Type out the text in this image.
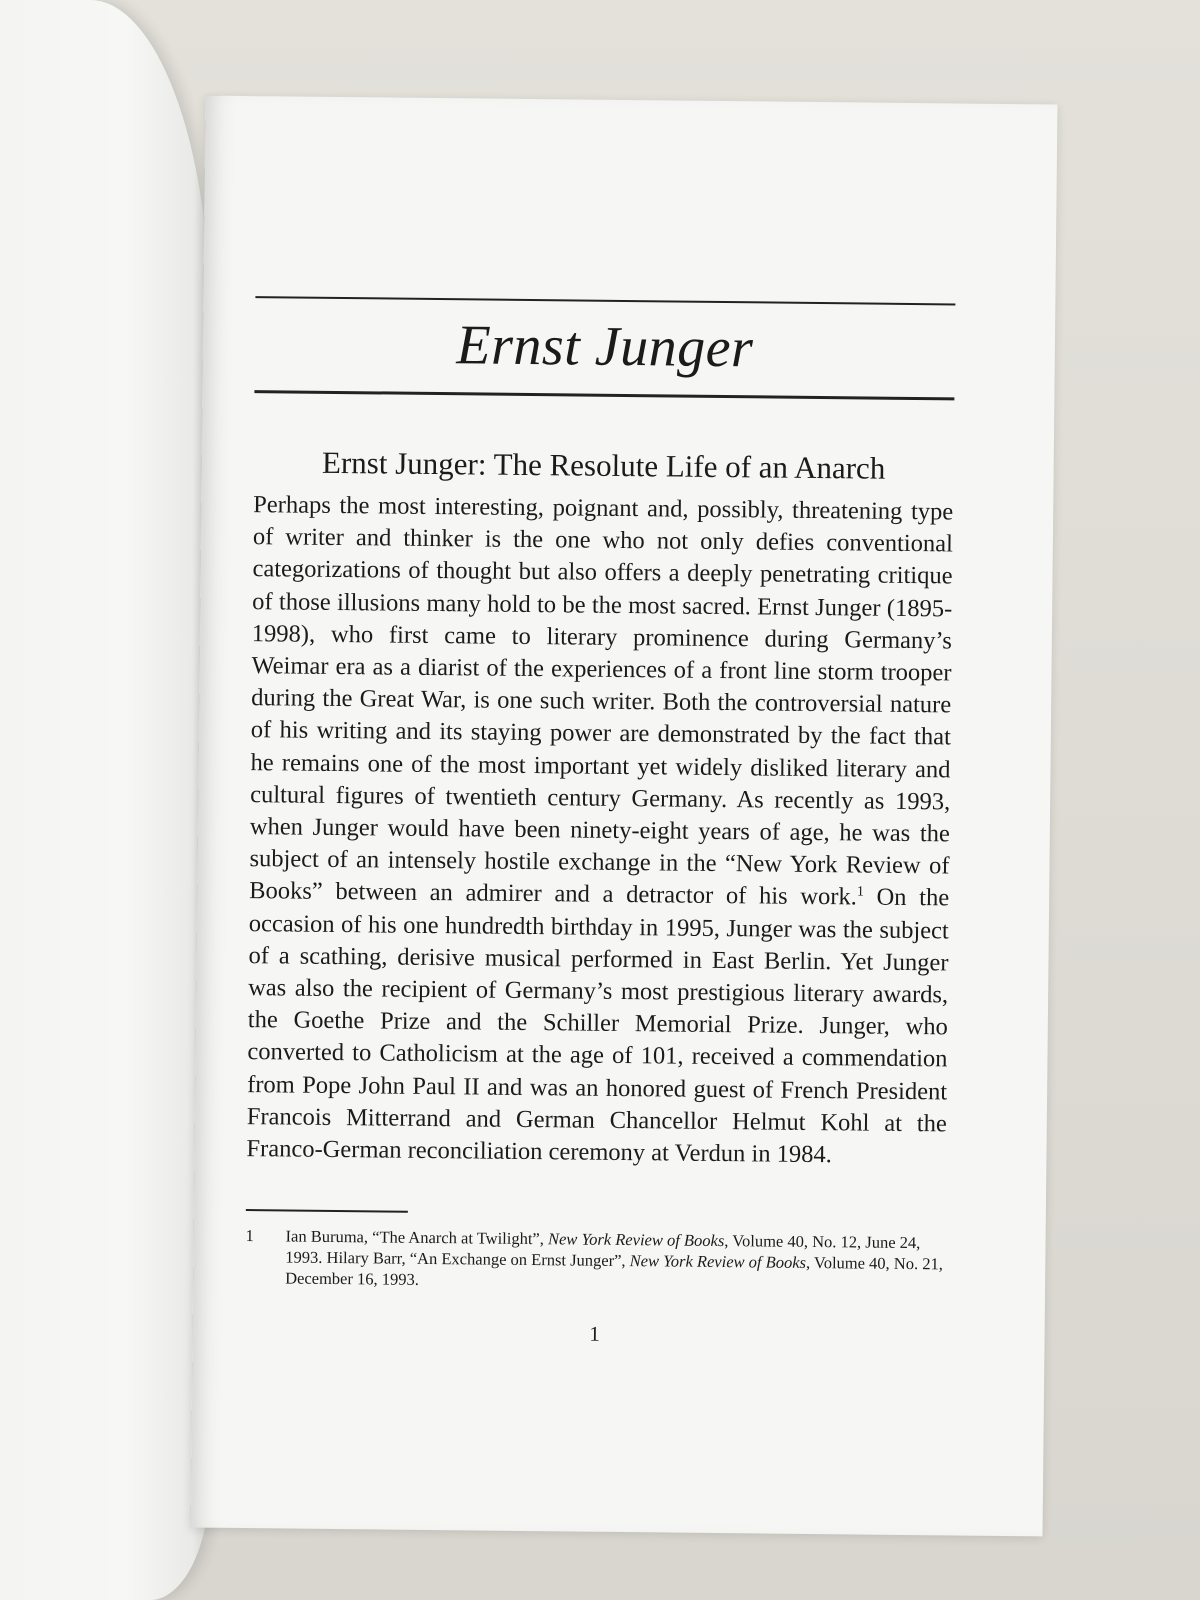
Ernst Junger
Ernst Junger: The Resolute Life of an Anarch

Perhaps the most interesting, poignant and, possibly, threatening type of writer and thinker is the one who not only defies conventional categorizations of thought but also offers a deeply penetrating critique of those illusions many hold to be the most sacred. Ernst Junger (1895-1998), who first came to literary prominence during Germany’s Weimar era as a diarist of the experiences of a front line storm trooper during the Great War, is one such writer. Both the controversial nature of his writing and its staying power are demonstrated by the fact that he remains one of the most important yet widely disliked literary and cultural figures of twentieth century Germany. As recently as 1993, when Junger would have been ninety-eight years of age, he was the subject of an intensely hostile exchange in the “New York Review of Books” between an admirer and a detractor of his work.$^1$ On the occasion of his one hundredth birthday in 1995, Junger was the subject of a scathing, derisive musical performed in East Berlin. Yet Junger was also the recipient of Germany’s most prestigious literary awards, the Goethe Prize and the Schiller Memorial Prize. Junger, who converted to Catholicism at the age of 101, received a commendation from Pope John Paul II and was an honored guest of French President Francois Mitterrand and German Chancellor Helmut Kohl at the Franco-German reconciliation ceremony at Verdun in 1984.

1	Ian Buruma, “The Anarch at Twilight”, New York Review of Books, Volume 40, No. 12, June 24, 1993. Hilary Barr, “An Exchange on Ernst Junger”, New York Review of Books, Volume 40, No. 21, December 16, 1993.
1
